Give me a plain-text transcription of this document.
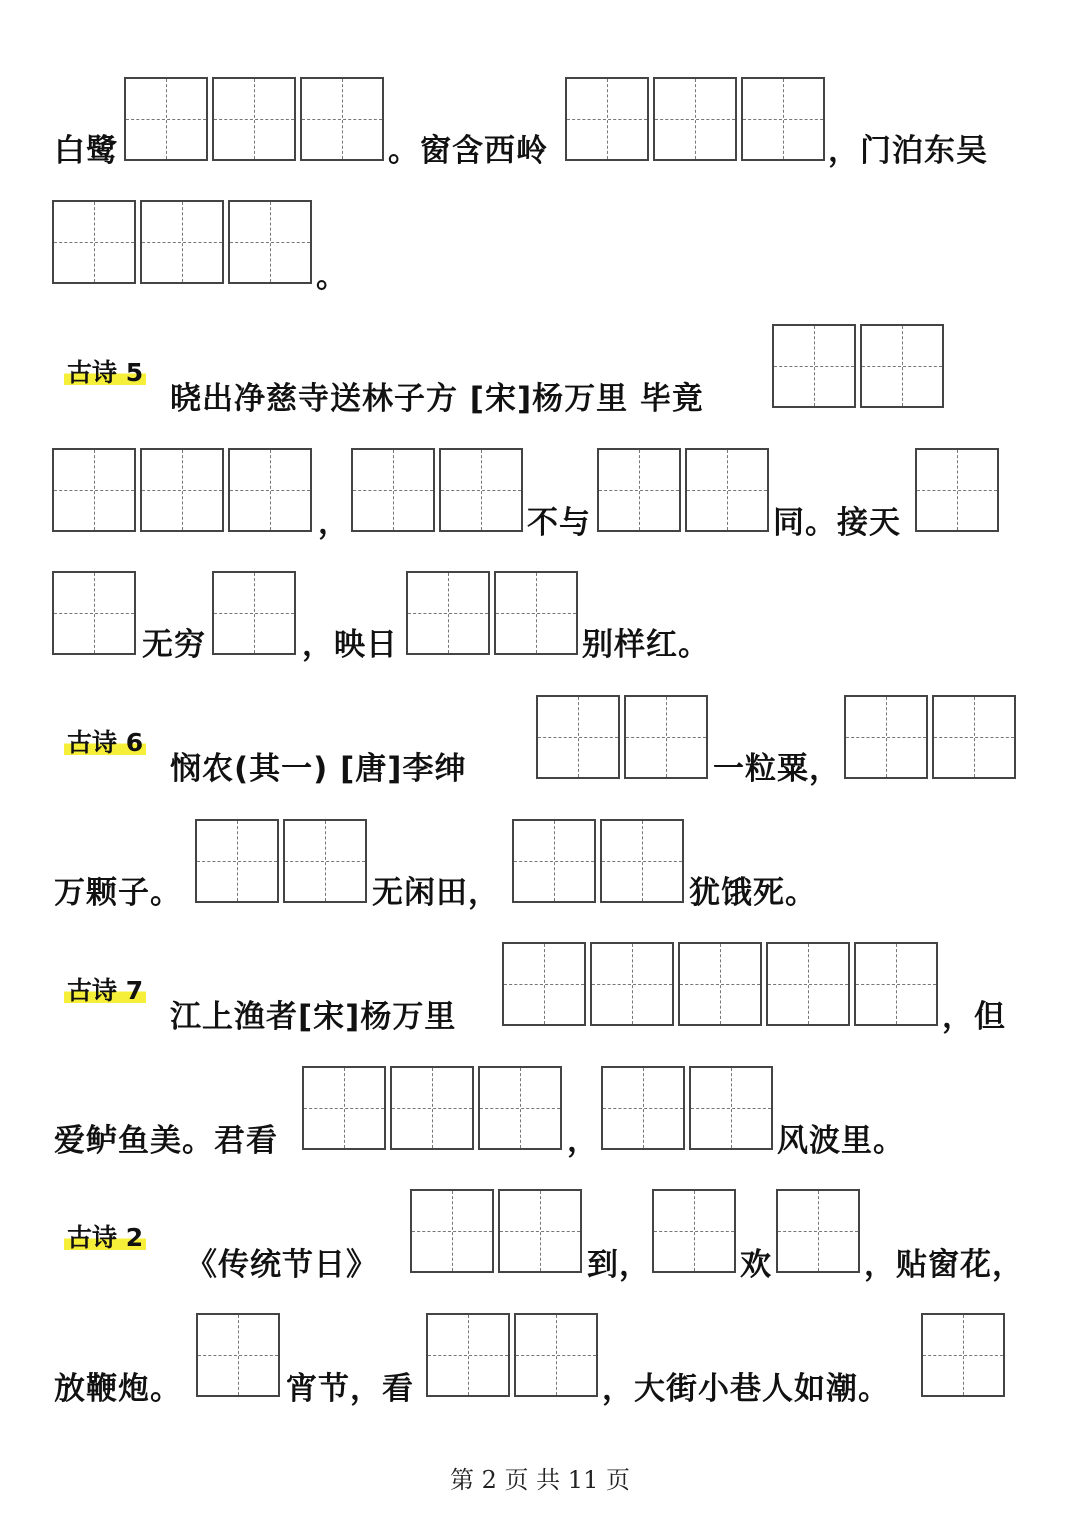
白鹭	。窗含西岭	，门泊东吴
。
古诗 5
晓出净慈寺送林子方 [宋]杨万里 毕竟
，	不与	同。接天
无穷	，映日	别样红。
古诗 6
悯农(其一) [唐]李绅	一粒粟，
万颗子。	无闲田，	犹饿死。
古诗 7
江上渔者[宋]杨万里	，但
爱鲈鱼美。君看	，	风波里。
古诗 2
《传统节日》	到，	欢	，贴窗花，
放鞭炮。	宵节，看	，大街小巷人如潮。
第 2 页 共 11 页
